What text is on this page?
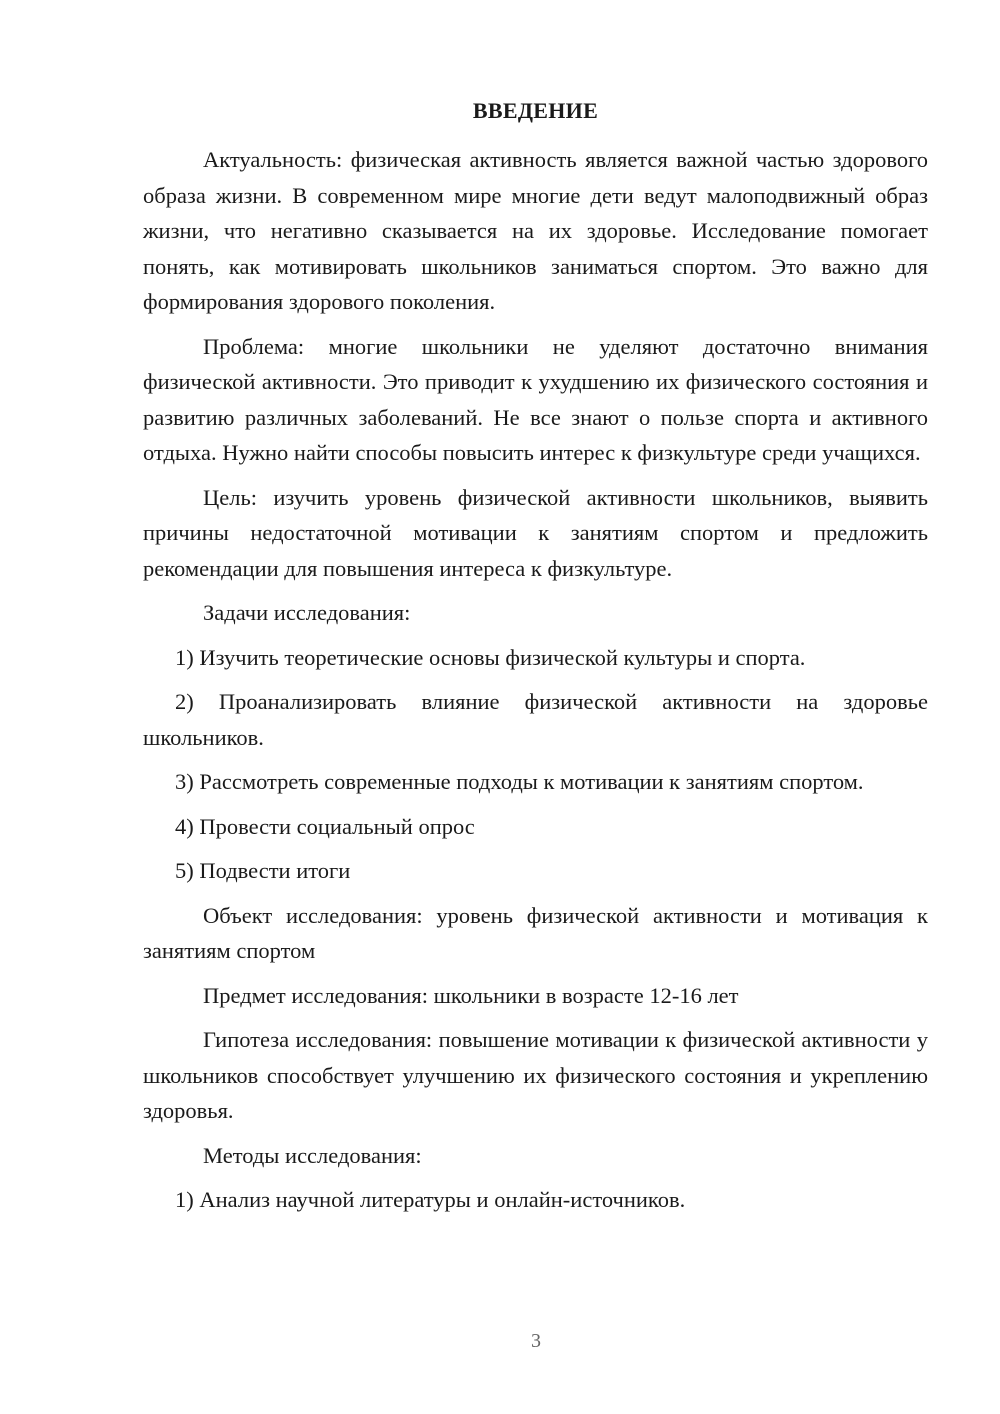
ВВЕДЕНИЕ

Актуальность: физическая активность является важной частью здорового образа жизни. В современном мире многие дети ведут малоподвижный образ жизни, что негативно сказывается на их здоровье. Исследование помогает понять, как мотивировать школьников заниматься спортом. Это важно для формирования здорового поколения.

Проблема: многие школьники не уделяют достаточно внимания физической активности. Это приводит к ухудшению их физического состояния и развитию различных заболеваний. Не все знают о пользе спорта и активного отдыха. Нужно найти способы повысить интерес к физкультуре среди учащихся.

Цель: изучить уровень физической активности школьников, выявить причины недостаточной мотивации к занятиям спортом и предложить рекомендации для повышения интереса к физкультуре.

Задачи исследования:

1) Изучить теоретические основы физической культуры и спорта.

2) Проанализировать влияние физической активности на здоровье школьников.

3) Рассмотреть современные подходы к мотивации к занятиям спортом.

4) Провести социальный опрос

5) Подвести итоги

Объект исследования: уровень физической активности и мотивация к занятиям спортом

Предмет исследования: школьники в возрасте 12-16 лет

Гипотеза исследования: повышение мотивации к физической активности у школьников способствует улучшению их физического состояния и укреплению здоровья.

Методы исследования:

1) Анализ научной литературы и онлайн-источников.

3
